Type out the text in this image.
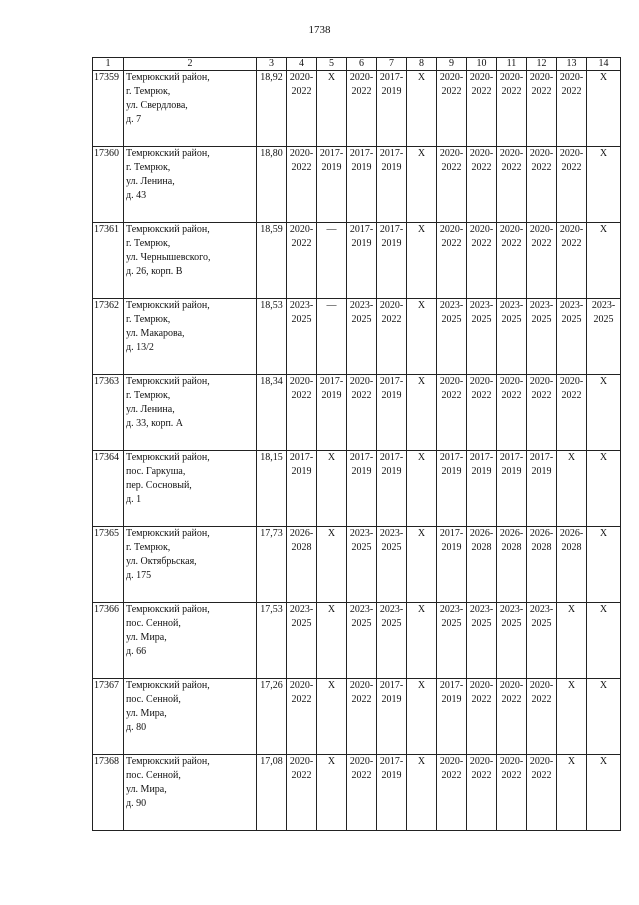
1738
1	2	3	4	5	6	7	8	9	10	11	12	13	14
17359	Темрюкский район,
г. Темрюк,
ул. Свердлова,
д. 7	18,92	2020-
2022	X	2020-
2022	2017-
2019	X	2020-
2022	2020-
2022	2020-
2022	2020-
2022	2020-
2022	X
17360	Темрюкский район,
г. Темрюк,
ул. Ленина,
д. 43	18,80	2020-
2022	2017-
2019	2017-
2019	2017-
2019	X	2020-
2022	2020-
2022	2020-
2022	2020-
2022	2020-
2022	X
17361	Темрюкский район,
г. Темрюк,
ул. Чернышевского,
д. 26, корп. В	18,59	2020-
2022	—	2017-
2019	2017-
2019	X	2020-
2022	2020-
2022	2020-
2022	2020-
2022	2020-
2022	X
17362	Темрюкский район,
г. Темрюк,
ул. Макарова,
д. 13/2	18,53	2023-
2025	—	2023-
2025	2020-
2022	X	2023-
2025	2023-
2025	2023-
2025	2023-
2025	2023-
2025	2023-
2025
17363	Темрюкский район,
г. Темрюк,
ул. Ленина,
д. 33, корп. А	18,34	2020-
2022	2017-
2019	2020-
2022	2017-
2019	X	2020-
2022	2020-
2022	2020-
2022	2020-
2022	2020-
2022	X
17364	Темрюкский район,
пос. Гаркуша,
пер. Сосновый,
д. 1	18,15	2017-
2019	X	2017-
2019	2017-
2019	X	2017-
2019	2017-
2019	2017-
2019	2017-
2019	X	X
17365	Темрюкский район,
г. Темрюк,
ул. Октябрьская,
д. 175	17,73	2026-
2028	X	2023-
2025	2023-
2025	X	2017-
2019	2026-
2028	2026-
2028	2026-
2028	2026-
2028	X
17366	Темрюкский район,
пос. Сенной,
ул. Мира,
д. 66	17,53	2023-
2025	X	2023-
2025	2023-
2025	X	2023-
2025	2023-
2025	2023-
2025	2023-
2025	X	X
17367	Темрюкский район,
пос. Сенной,
ул. Мира,
д. 80	17,26	2020-
2022	X	2020-
2022	2017-
2019	X	2017-
2019	2020-
2022	2020-
2022	2020-
2022	X	X
17368	Темрюкский район,
пос. Сенной,
ул. Мира,
д. 90	17,08	2020-
2022	X	2020-
2022	2017-
2019	X	2020-
2022	2020-
2022	2020-
2022	2020-
2022	X	X
